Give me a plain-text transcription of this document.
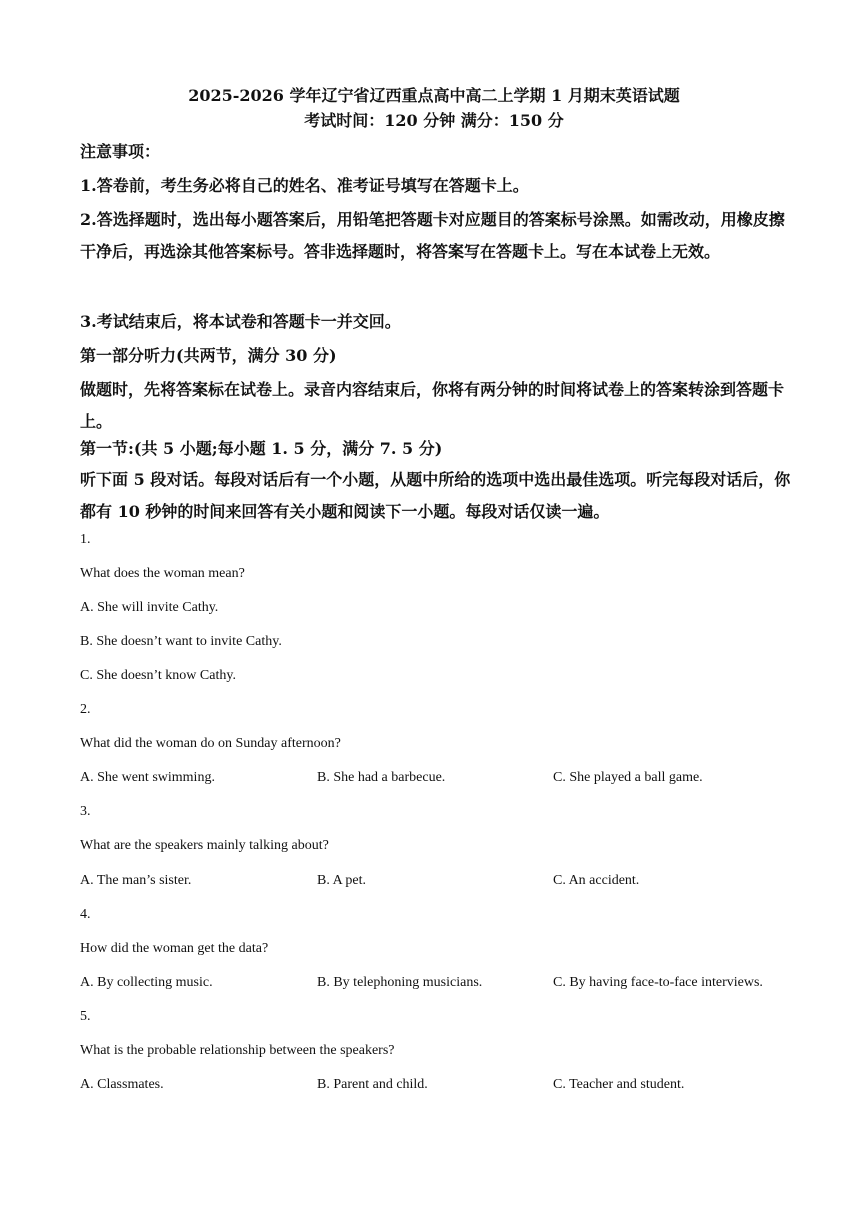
2025-2026 学年辽宁省辽西重点高中高二上学期 1 月期末英语试题
考试时间：120 分钟 满分：150 分
注意事项：
1.答卷前，考生务必将自己的姓名、准考证号填写在答题卡上。
2.答选择题时，选出每小题答案后，用铅笔把答题卡对应题目的答案标号涂黑。如需改动，用橡皮擦干净后，再选涂其他答案标号。答非选择题时，将答案写在答题卡上。写在本试卷上无效。
3.考试结束后，将本试卷和答题卡一并交回。
第一部分听力(共两节，满分 30 分)
做题时，先将答案标在试卷上。录音内容结束后，你将有两分钟的时间将试卷上的答案转涂到答题卡上。
第一节:(共 5 小题;每小题 1. 5 分，满分 7. 5 分)
听下面 5 段对话。每段对话后有一个小题，从题中所给的选项中选出最佳选项。听完每段对话后，你都有 10 秒钟的时间来回答有关小题和阅读下一小题。每段对话仅读一遍。
1.
What does the woman mean?
A. She will invite Cathy.
B. She doesn’t want to invite Cathy.
C. She doesn’t know Cathy.
2.
What did the woman do on Sunday afternoon?
A. She went swimming.	B. She had a barbecue.	C. She played a ball game.
3.
What are the speakers mainly talking about?
A. The man’s sister.	B. A pet.	C. An accident.
4.
How did the woman get the data?
A. By collecting music.	B. By telephoning musicians.	C. By having face-to-face interviews.
5.
What is the probable relationship between the speakers?
A. Classmates.	B. Parent and child.	C. Teacher and student.
